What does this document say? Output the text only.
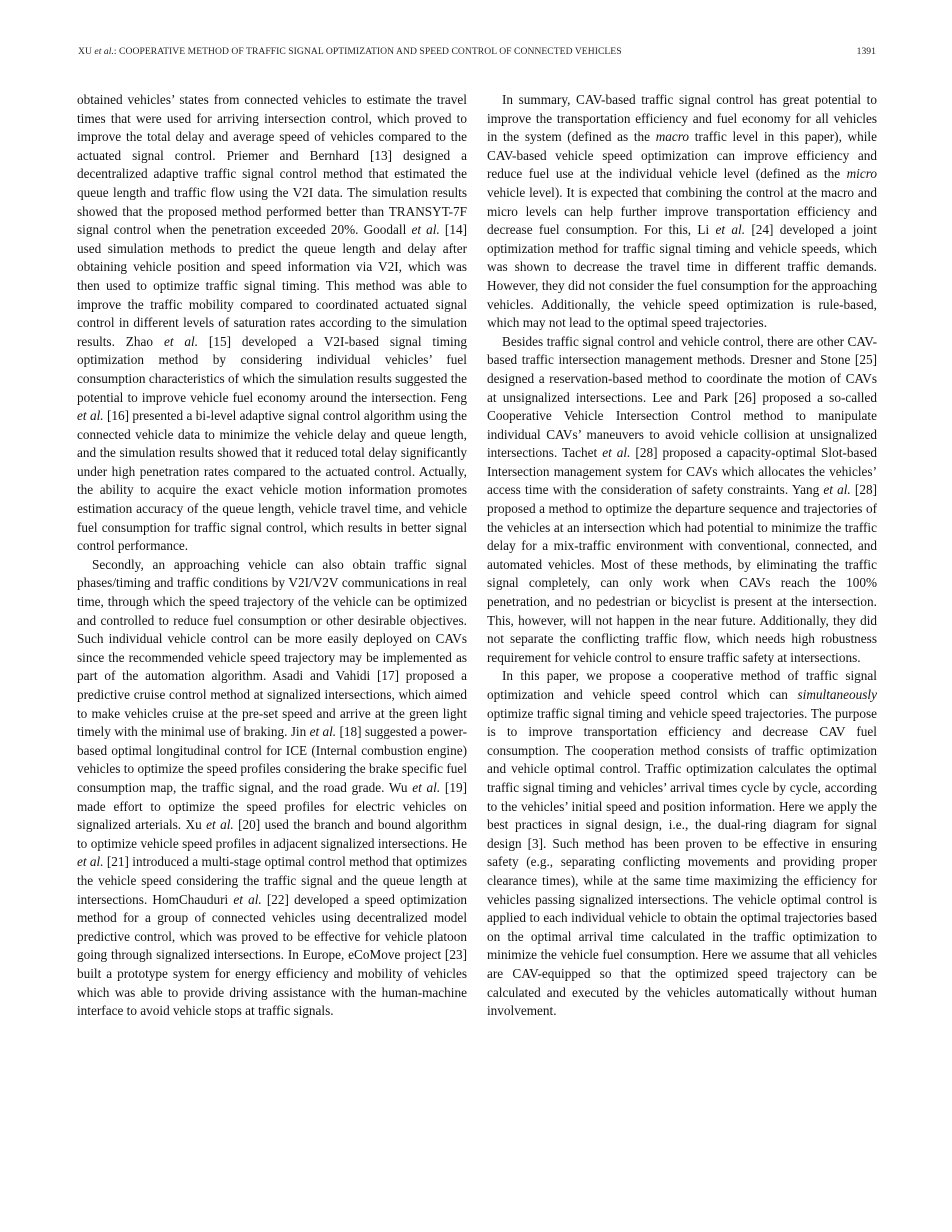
XU et al.: COOPERATIVE METHOD OF TRAFFIC SIGNAL OPTIMIZATION AND SPEED CONTROL OF CONNECTED VEHICLES	1391

obtained vehicles’ states from connected vehicles to estimate the travel times that were used for arriving intersection control, which proved to improve the total delay and average speed of vehicles compared to the actuated signal control. Priemer and Bernhard [13] designed a decentralized adaptive traffic signal control method that estimated the queue length and traffic flow using the V2I data. The simulation results showed that the proposed method performed better than TRANSYT-7F signal control when the penetration exceeded 20%. Goodall et al. [14] used simulation methods to predict the queue length and delay after obtaining vehicle position and speed information via V2I, which was then used to optimize traffic signal timing. This method was able to improve the traffic mobility compared to coordinated actuated signal control in different levels of saturation rates according to the simulation results. Zhao et al. [15] developed a V2I-based signal timing optimization method by considering individual vehicles’ fuel consumption characteristics of which the simulation results suggested the potential to improve vehicle fuel economy around the intersection. Feng et al. [16] presented a bi-level adaptive signal control algorithm using the connected vehicle data to minimize the vehicle delay and queue length, and the simulation results showed that it reduced total delay significantly under high penetration rates compared to the actuated control. Actually, the ability to acquire the exact vehicle motion information promotes estimation accuracy of the queue length, vehicle travel time, and vehicle fuel consumption for traffic signal control, which results in better signal control performance.

Secondly, an approaching vehicle can also obtain traffic signal phases/timing and traffic conditions by V2I/V2V communications in real time, through which the speed trajectory of the vehicle can be optimized and controlled to reduce fuel consumption or other desirable objectives. Such individual vehicle control can be more easily deployed on CAVs since the recommended vehicle speed trajectory may be implemented as part of the automation algorithm. Asadi and Vahidi [17] proposed a predictive cruise control method at signalized intersections, which aimed to make vehicles cruise at the pre-set speed and arrive at the green light timely with the minimal use of braking. Jin et al. [18] suggested a power-based optimal longitudinal control for ICE (Internal combustion engine) vehicles to optimize the speed profiles considering the brake specific fuel consumption map, the traffic signal, and the road grade. Wu et al. [19] made effort to optimize the speed profiles for electric vehicles on signalized arterials. Xu et al. [20] used the branch and bound algorithm to optimize vehicle speed profiles in adjacent signalized intersections. He et al. [21] introduced a multi-stage optimal control method that optimizes the vehicle speed considering the traffic signal and the queue length at intersections. HomChauduri et al. [22] developed a speed optimization method for a group of connected vehicles using decentralized model predictive control, which was proved to be effective for vehicle platoon going through signalized intersections. In Europe, eCoMove project [23] built a prototype system for energy efficiency and mobility of vehicles which was able to provide driving assistance with the human-machine interface to avoid vehicle stops at traffic signals.

In summary, CAV-based traffic signal control has great potential to improve the transportation efficiency and fuel economy for all vehicles in the system (defined as the macro traffic level in this paper), while CAV-based vehicle speed optimization can improve efficiency and reduce fuel use at the individual vehicle level (defined as the micro vehicle level). It is expected that combining the control at the macro and micro levels can help further improve transportation efficiency and decrease fuel consumption. For this, Li et al. [24] developed a joint optimization method for traffic signal timing and vehicle speeds, which was shown to decrease the travel time in different traffic demands. However, they did not consider the fuel consumption for the approaching vehicles. Additionally, the vehicle speed optimization is rule-based, which may not lead to the optimal speed trajectories.

Besides traffic signal control and vehicle control, there are other CAV-based traffic intersection management methods. Dresner and Stone [25] designed a reservation-based method to coordinate the motion of CAVs at unsignalized intersections. Lee and Park [26] proposed a so-called Cooperative Vehicle Intersection Control method to manipulate individual CAVs’ maneuvers to avoid vehicle collision at unsignalized intersections. Tachet et al. [28] proposed a capacity-optimal Slot-based Intersection management system for CAVs which allocates the vehicles’ access time with the consideration of safety constraints. Yang et al. [28] proposed a method to optimize the departure sequence and trajectories of the vehicles at an intersection which had potential to minimize the traffic delay for a mix-traffic environment with conventional, connected, and automated vehicles. Most of these methods, by eliminating the traffic signal completely, can only work when CAVs reach the 100% penetration, and no pedestrian or bicyclist is present at the intersection. This, however, will not happen in the near future. Additionally, they did not separate the conflicting traffic flow, which needs high robustness requirement for vehicle control to ensure traffic safety at intersections.

In this paper, we propose a cooperative method of traffic signal optimization and vehicle speed control which can simultaneously optimize traffic signal timing and vehicle speed trajectories. The purpose is to improve transportation efficiency and decrease CAV fuel consumption. The cooperation method consists of traffic optimization and vehicle optimal control. Traffic optimization calculates the optimal traffic signal timing and vehicles’ arrival times cycle by cycle, according to the vehicles’ initial speed and position information. Here we apply the best practices in signal design, i.e., the dual-ring diagram for signal design [3]. Such method has been proven to be effective in ensuring safety (e.g., separating conflicting movements and providing proper clearance times), while at the same time maximizing the efficiency for vehicles passing signalized intersections. The vehicle optimal control is applied to each individual vehicle to obtain the optimal trajectories based on the optimal arrival time calculated in the traffic optimization to minimize the vehicle fuel consumption. Here we assume that all vehicles are CAV-equipped so that the optimized speed trajectory can be calculated and executed by the vehicles automatically without human involvement.
